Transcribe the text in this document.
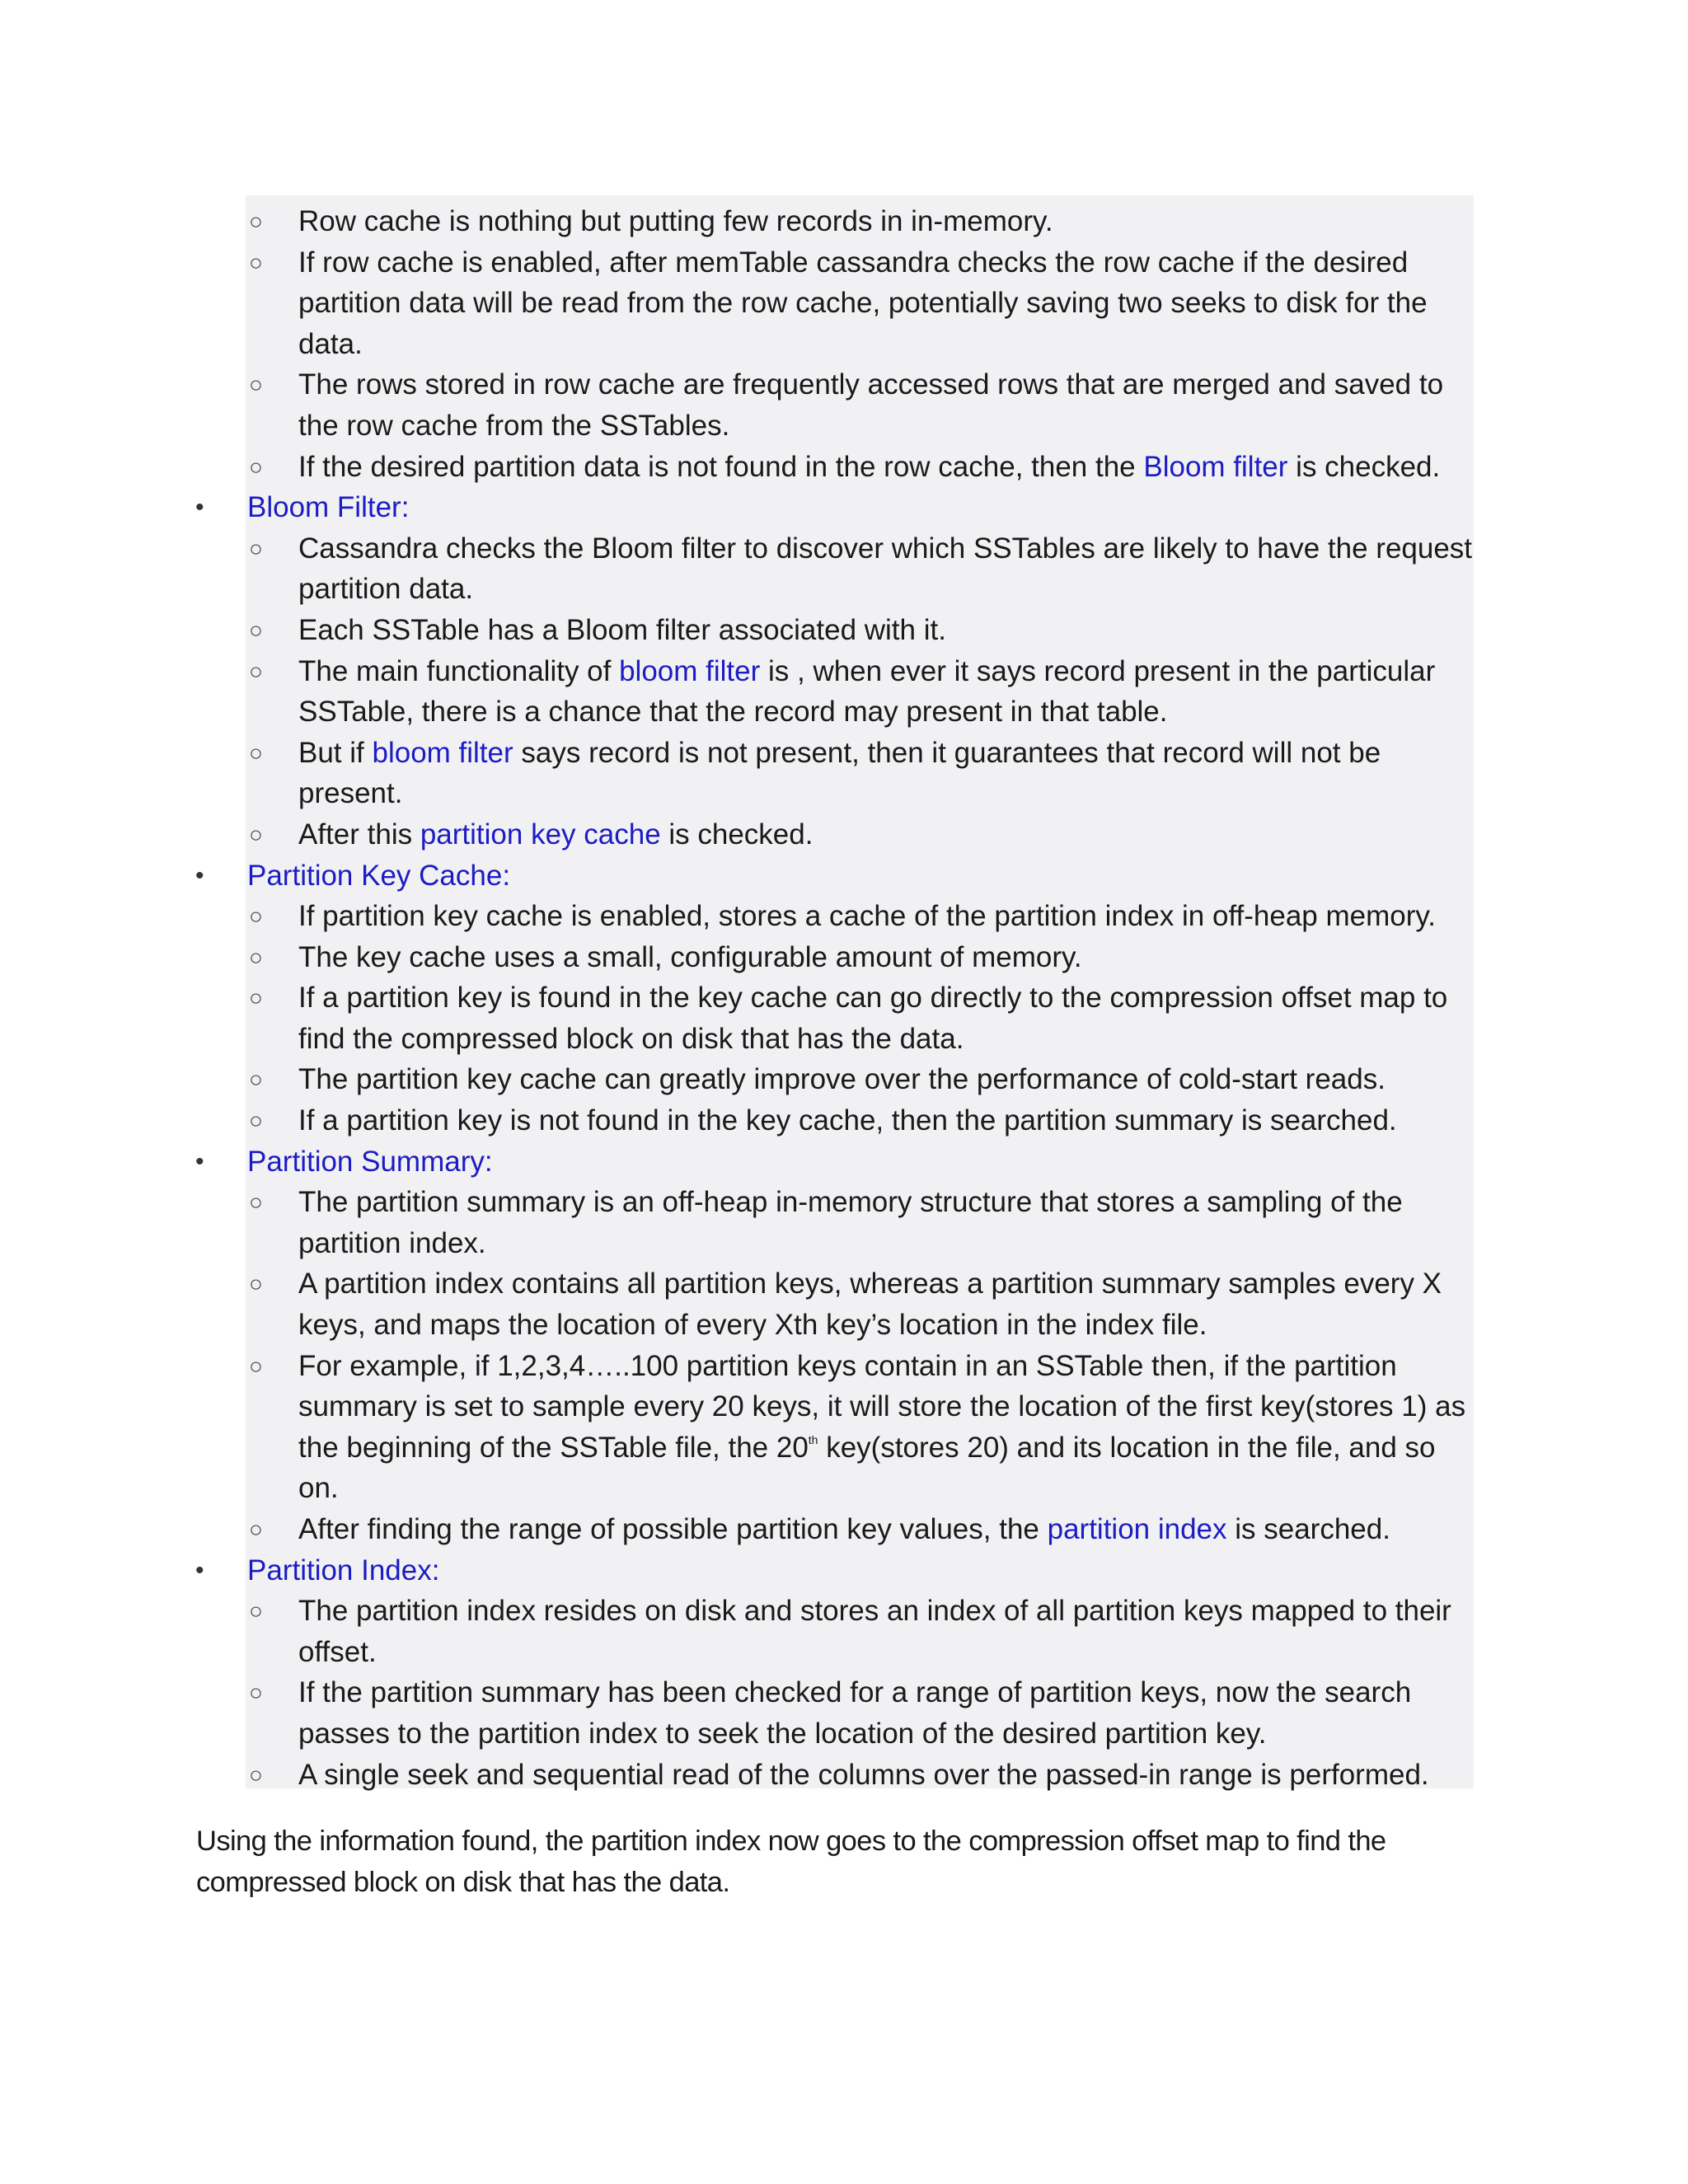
○ Row cache is nothing but putting few records in in-memory.
○ If row cache is enabled, after memTable cassandra checks the row cache if the desired
partition data will be read from the row cache, potentially saving two seeks to disk for the
data.
○ The rows stored in row cache are frequently accessed rows that are merged and saved to
the row cache from the SSTables.
○ If the desired partition data is not found in the row cache, then the Bloom filter is checked.
• Bloom Filter:
○ Cassandra checks the Bloom filter to discover which SSTables are likely to have the request
partition data.
○ Each SSTable has a Bloom filter associated with it.
○ The main functionality of bloom filter is , when ever it says record present in the particular
SSTable, there is a chance that the record may present in that table.
○ But if bloom filter says record is not present, then it guarantees that record will not be
present.
○ After this partition key cache is checked.
• Partition Key Cache:
○ If partition key cache is enabled, stores a cache of the partition index in off-heap memory.
○ The key cache uses a small, configurable amount of memory.
○ If a partition key is found in the key cache can go directly to the compression offset map to
find the compressed block on disk that has the data.
○ The partition key cache can greatly improve over the performance of cold-start reads.
○ If a partition key is not found in the key cache, then the partition summary is searched.
• Partition Summary:
○ The partition summary is an off-heap in-memory structure that stores a sampling of the
partition index.
○ A partition index contains all partition keys, whereas a partition summary samples every X
keys, and maps the location of every Xth key’s location in the index file.
○ For example, if 1,2,3,4…..100 partition keys contain in an SSTable then, if the partition
summary is set to sample every 20 keys, it will store the location of the first key(stores 1) as
the beginning of the SSTable file, the 20th key(stores 20) and its location in the file, and so
on.
○ After finding the range of possible partition key values, the partition index is searched.
• Partition Index:
○ The partition index resides on disk and stores an index of all partition keys mapped to their
offset.
○ If the partition summary has been checked for a range of partition keys, now the search
passes to the partition index to seek the location of the desired partition key.
○ A single seek and sequential read of the columns over the passed-in range is performed.
Using the information found, the partition index now goes to the compression offset map to find the
compressed block on disk that has the data.
